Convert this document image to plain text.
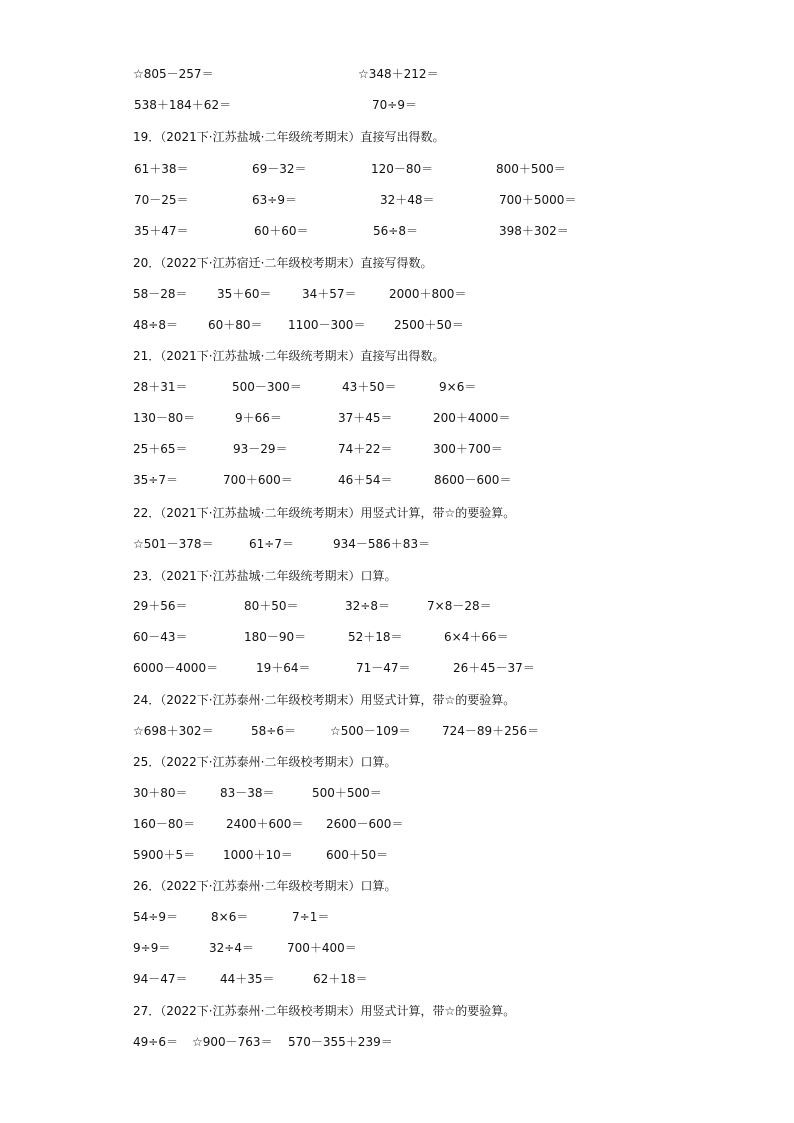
☆805－257＝	☆348＋212＝
538＋184＋62＝	70÷9＝
19．（2021下·江苏盐城·二年级统考期末）直接写出得数。
61＋38＝	69－32＝	120－80＝	800＋500＝
70－25＝	63÷9＝	32＋48＝	700＋5000＝
35＋47＝	60＋60＝	56÷8＝	398＋302＝
20．（2022下·江苏宿迁·二年级校考期末）直接写得数。
58－28＝ 35＋60＝	34＋57＝	2000＋800＝
48÷8＝	60＋80＝ 1100－300＝ 2500＋50＝
21．（2021下·江苏盐城·二年级统考期末）直接写出得数。
28＋31＝	500－300＝	43＋50＝	9×6＝
130－80＝	9＋66＝	37＋45＝	200＋4000＝
25＋65＝	93－29＝	74＋22＝	300＋700＝
35÷7＝	700＋600＝	46＋54＝	8600－600＝
22．（2021下·江苏盐城·二年级统考期末）用竖式计算，带☆的要验算。
☆501－378＝	61÷7＝	934－586＋83＝
23．（2021下·江苏盐城·二年级统考期末）口算。
29＋56＝	80＋50＝	32÷8＝	7×8－28＝
60－43＝	180－90＝	52＋18＝	6×4＋66＝
6000－4000＝	19＋64＝	71－47＝	26＋45－37＝
24．（2022下·江苏泰州·二年级校考期末）用竖式计算，带☆的要验算。
☆698＋302＝	58÷6＝	☆500－109＝	724－89＋256＝
25．（2022下·江苏泰州·二年级校考期末）口算。
30＋80＝	83－38＝	500＋500＝
160－80＝	2400＋600＝ 2600－600＝
5900＋5＝ 1000＋10＝	600＋50＝
26．（2022下·江苏泰州·二年级校考期末）口算。
54÷9＝	8×6＝	7÷1＝
9÷9＝	32÷4＝	700＋400＝
94－47＝	44＋35＝	62＋18＝
27．（2022下·江苏泰州·二年级校考期末）用竖式计算，带☆的要验算。
49÷6＝ ☆900－763＝ 570－355＋239＝
